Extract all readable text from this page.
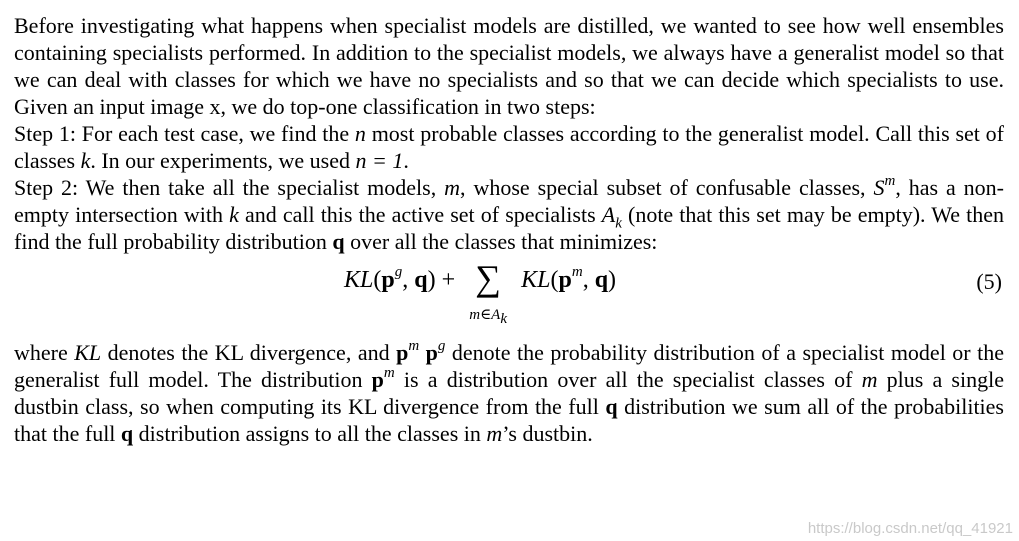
Before investigating what happens when specialist models are distilled, we wanted to see how well ensembles containing specialists performed. In addition to the specialist models, we always have a generalist model so that we can deal with classes for which we have no specialists and so that we can decide which specialists to use. Given an input image x, we do top-one classification in two steps:

Step 1: For each test case, we find the n most probable classes according to the generalist model. Call this set of classes k. In our experiments, we used n = 1.

Step 2: We then take all the specialist models, m, whose special subset of confusable classes, $S^m$, has a non-empty intersection with k and call this the active set of specialists $A_k$ (note that this set may be empty). We then find the full probability distribution q over all the classes that minimizes:

$KL(p^g$, q) + ∑
$m\in A_k$
$KL(p^m$, q)	(5)

where KL denotes the KL divergence, and $p^m$ $p^g$ denote the probability distribution of a specialist model or the generalist full model. The distribution $p^m$ is a distribution over all the specialist classes of m plus a single dustbin class, so when computing its KL divergence from the full q distribution we sum all of the probabilities that the full q distribution assigns to all the classes in m’s dustbin.

https://blog.csdn.net/qq_41921
